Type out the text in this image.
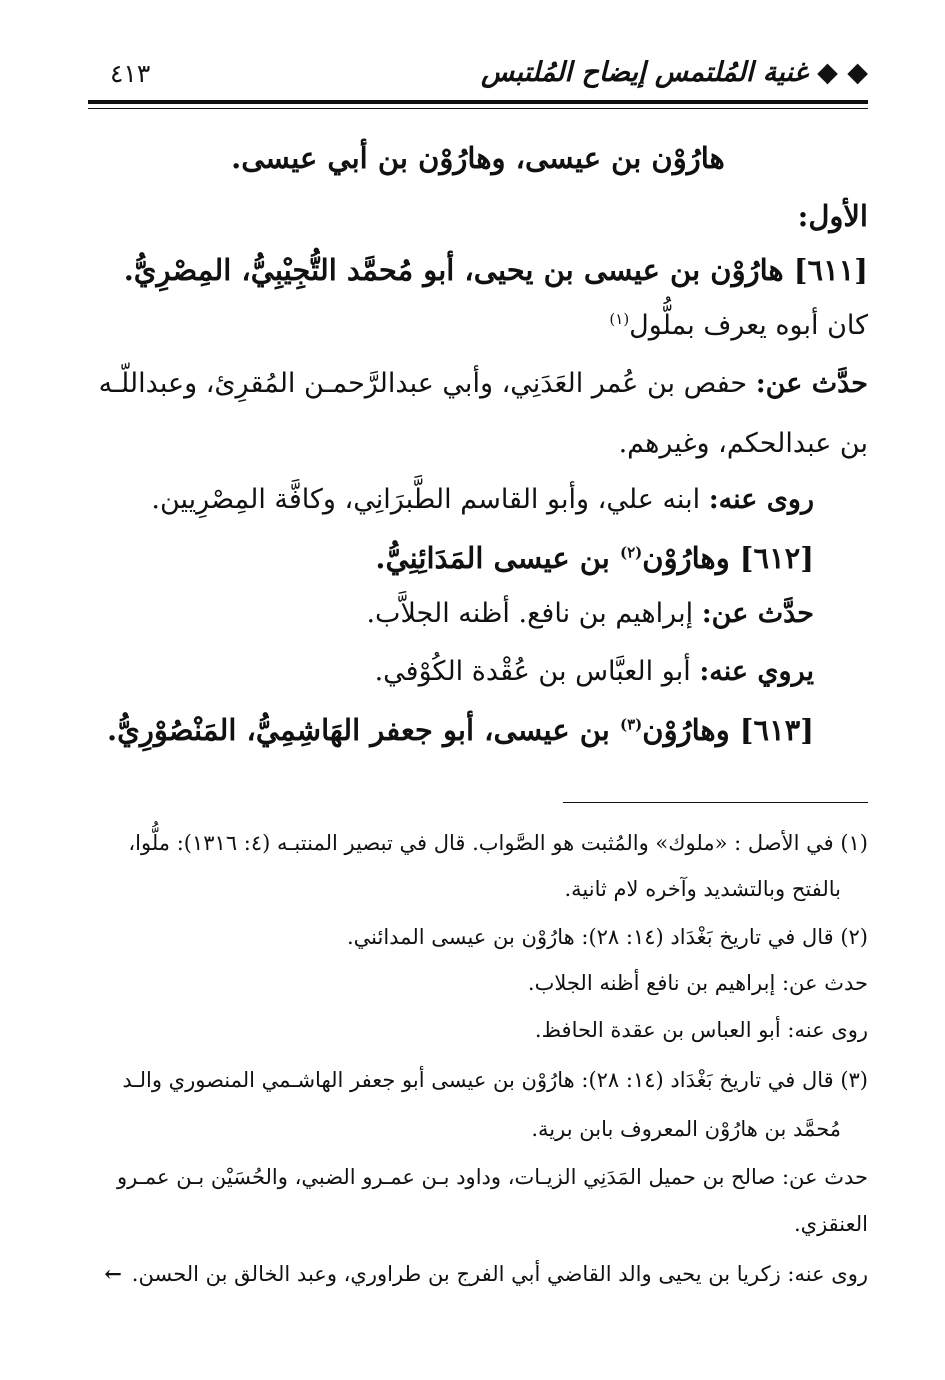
◆ ◆ غنية المُلتمس إيضاح المُلتبس
٤١٣
هارُوْن بن عيسى، وهارُوْن بن أبي عيسى.
الأول:
[٦١١] هارُوْن بن عيسى بن يحيى، أبو مُحمَّد التُّجِيْبِيُّ، المِصْرِيُّ.
كان أبوه يعرف بملُّول$^{(١)}$
حدَّث عن: حفص بن عُمر العَدَنِي، وأبي عبدالرَّحمـن المُقرِئ، وعبداللّـه
بن عبدالحكم، وغيرهم.
روى عنه: ابنه علي، وأبو القاسم الطَّبرَانِي، وكافَّة المِصْرِيين.
[٦١٢] وهارُوْن$^{(٢)}$ بن عيسى المَدَائِنِيُّ.
حدَّث عن: إبراهيم بن نافع. أظنه الجلاَّب.
يروي عنه: أبو العبَّاس بن عُقْدة الكُوْفي.
[٦١٣] وهارُوْن$^{(٣)}$ بن عيسى، أبو جعفر الهَاشِمِيُّ، المَنْصُوْرِيُّ.
(١) في الأصل : «ملوك» والمُثبت هو الصَّواب. قال في تبصير المنتبـه (٤: ١٣١٦): ملُّوا،
بالفتح وبالتشديد وآخره لام ثانية.
(٢) قال في تاريخ بَغْدَاد (١٤: ٢٨): هارُوْن بن عيسى المدائني.
حدث عن: إبراهيم بن نافع أظنه الجلاب.
روى عنه: أبو العباس بن عقدة الحافظ.
(٣) قال في تاريخ بَغْدَاد (١٤: ٢٨): هارُوْن بن عيسى أبو جعفر الهاشـمي المنصوري والـد
مُحمَّد بن هارُوْن المعروف بابن برية.
حدث عن: صالح بن حميل المَدَنِي الزيـات، وداود بـن عمـرو الضبي، والحُسَيْن بـن عمـرو
العنقزي.
روى عنه: زكريا بن يحيى والد القاضي أبي الفرج بن طراوري، وعبد الخالق بن الحسن.←
